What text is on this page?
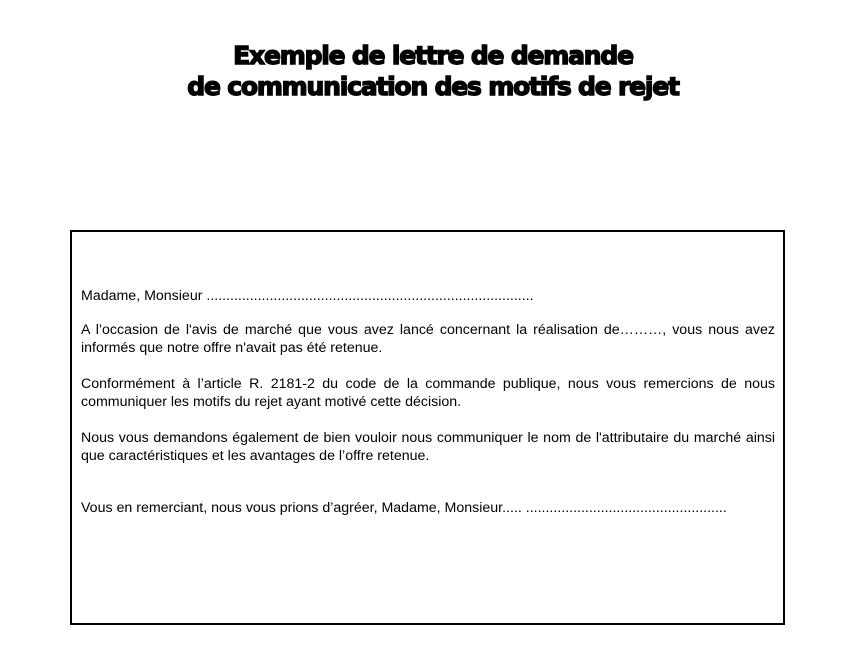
Exemple de lettre de demande
de communication des motifs de rejet

Madame, Monsieur ...................................................................................

A l’occasion de l'avis de marché que vous avez lancé concernant la réalisation de………, vous nous avez informés que notre offre n'avait pas été retenue.

Conformément à l’article R. 2181-2 du code de la commande publique, nous vous remercions de nous communiquer les motifs du rejet ayant motivé cette décision.

Nous vous demandons également de bien vouloir nous communiquer le nom de l'attributaire du marché ainsi que caractéristiques et les avantages de l’offre retenue.

Vous en remerciant, nous vous prions d’agréer, Madame, Monsieur..... ...................................................
